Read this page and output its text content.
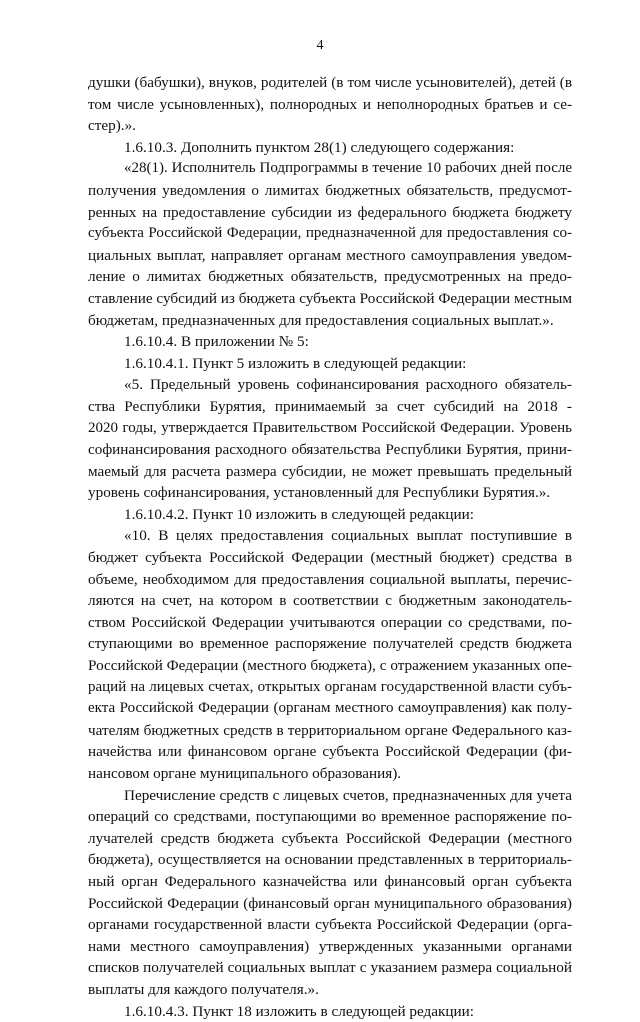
4
душки (бабушки), внуков, родителей (в том числе усыновителей), детей (в
том числе усыновленных), полнородных и неполнородных братьев и се-
стер).».
1.6.10.3. Дополнить пунктом 28(1) следующего содержания:
«28(1). Исполнитель Подпрограммы в течение 10 рабочих дней после
получения уведомления о лимитах бюджетных обязательств, предусмот-
ренных на предоставление субсидии из федерального бюджета бюджету
субъекта Российской Федерации, предназначенной для предоставления со-
циальных выплат, направляет органам местного самоуправления уведом-
ление о лимитах бюджетных обязательств, предусмотренных на предо-
ставление субсидий из бюджета субъекта Российской Федерации местным
бюджетам, предназначенных для предоставления социальных выплат.».
1.6.10.4. В приложении № 5:
1.6.10.4.1. Пункт 5 изложить в следующей редакции:
«5. Предельный уровень софинансирования расходного обязатель-
ства Республики Бурятия, принимаемый за счет субсидий на 2018 -
2020 годы, утверждается Правительством Российской Федерации. Уровень
софинансирования расходного обязательства Республики Бурятия, прини-
маемый для расчета размера субсидии, не может превышать предельный
уровень софинансирования, установленный для Республики Бурятия.».
1.6.10.4.2. Пункт 10 изложить в следующей редакции:
«10. В целях предоставления социальных выплат поступившие в
бюджет субъекта Российской Федерации (местный бюджет) средства в
объеме, необходимом для предоставления социальной выплаты, перечис-
ляются на счет, на котором в соответствии с бюджетным законодатель-
ством Российской Федерации учитываются операции со средствами, по-
ступающими во временное распоряжение получателей средств бюджета
Российской Федерации (местного бюджета), с отражением указанных опе-
раций на лицевых счетах, открытых органам государственной власти субъ-
екта Российской Федерации (органам местного самоуправления) как полу-
чателям бюджетных средств в территориальном органе Федерального каз-
начейства или финансовом органе субъекта Российской Федерации (фи-
нансовом органе муниципального образования).
Перечисление средств с лицевых счетов, предназначенных для учета
операций со средствами, поступающими во временное распоряжение по-
лучателей средств бюджета субъекта Российской Федерации (местного
бюджета), осуществляется на основании представленных в территориаль-
ный орган Федерального казначейства или финансовый орган субъекта
Российской Федерации (финансовый орган муниципального образования)
органами государственной власти субъекта Российской Федерации (орга-
нами местного самоуправления) утвержденных указанными органами
списков получателей социальных выплат с указанием размера социальной
выплаты для каждого получателя.».
1.6.10.4.3. Пункт 18 изложить в следующей редакции:
